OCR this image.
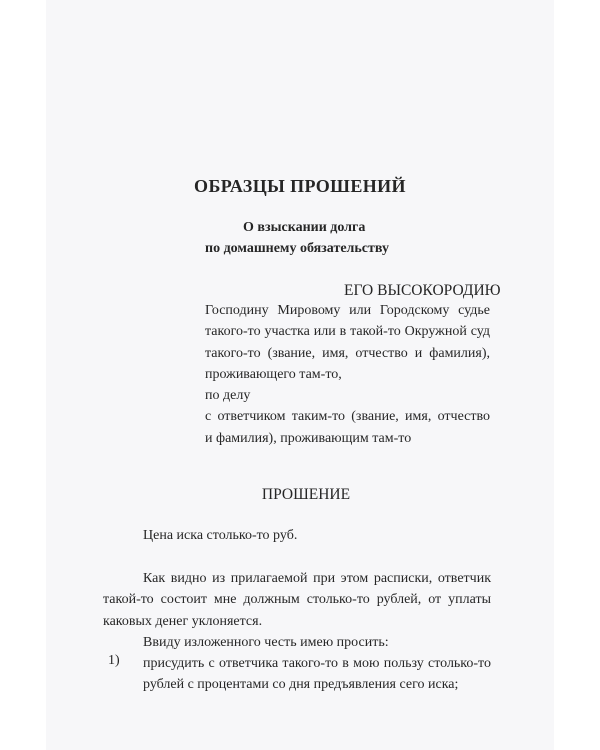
ОБРАЗЦЫ ПРОШЕНИЙ
О взыскании долга
по домашнему обязательству
ЕГО ВЫСОКОРОДИЮ
Господину Мировому или Городскому судье
такого-то участка или в такой-то Окружной суд
такого-то (звание, имя, отчество и фамилия),
проживающего там-то,
по делу
с ответчиком таким-то (звание, имя, отчество
и фамилия), проживающим там-то
ПРОШЕНИЕ
Цена иска столько-то руб.
Как видно из прилагаемой при этом расписки, ответчик
такой-то состоит мне должным столько-то рублей, от уплаты
каковых денег уклоняется.
Ввиду изложенного честь имею просить:
присудить с ответчика такого-то в мою пользу столько-то
рублей с процентами со дня предъявления сего иска;
1)
